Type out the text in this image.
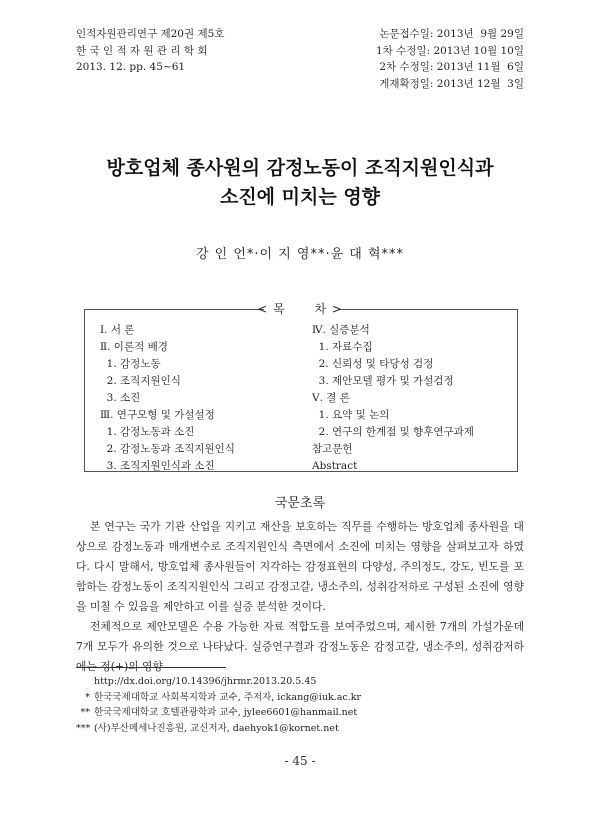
인적자원관리연구 제20권 제5호
한 국 인 적 자 원 관 리 학 회
2013. 12. pp. 45~61
논문접수일: 2013년  9월 29일
1차 수정일: 2013년 10월 10일
2차 수정일: 2013년 11월  6일
게재확정일: 2013년 12월  3일
방호업체 종사원의 감정노동이 조직지원인식과
소진에 미치는 영향
강 인 언*·이 지 영**·윤 대 혁***
< 목      차 >
Ⅰ. 서 론
Ⅱ. 이론적 배경
1. 감정노동
2. 조직지원인식
3. 소진
Ⅲ. 연구모형 및 가설설정
1. 감정노동과 소진
2. 감정노동과 조직지원인식
3. 조직지원인식과 소진
Ⅳ. 실증분석
1. 자료수집
2. 신뢰성 및 타당성 검정
3. 제안모델 평가 및 가설검정
Ⅴ. 결 론
1. 요약 및 논의
2. 연구의 한계점 및 향후연구과제
참고문헌
Abstract
국문초록

본 연구는 국가 기관 산업을 지키고 재산을 보호하는 직무를 수행하는 방호업체 종사원을 대상으로 감정노동과 매개변수로 조직지원인식 측면에서 소진에 미치는 영향을 살펴보고자 하였다. 다시 말해서, 방호업체 종사원들이 지각하는 감정표현의 다양성, 주의정도, 강도, 빈도를 포함하는 감정노동이 조직지원인식 그리고 감정고갈, 냉소주의, 성취감저하로 구성된 소진에 영향을 미칠 수 있음을 제안하고 이를 실증 분석한 것이다.

전체적으로 제안모델은 수용 가능한 자료 적합도를 보여주었으며, 제시한 7개의 가설가운데 7개 모두가 유의한 것으로 나타났다. 실증연구결과 감정노동은 감정고갈, 냉소주의, 성취감저하에는 정(+)의 영향

http://dx.doi.org/10.14396/jhrmr.2013.20.5.45
* 한국국제대학교 사회복지학과 교수, 주저자, ickang@iuk.ac.kr
** 한국국제대학교 호텔관광학과 교수, jylee6601@hanmail.net
*** (사)부산메세나진흥원, 교신저자, daehyok1@kornet.net
- 45 -
